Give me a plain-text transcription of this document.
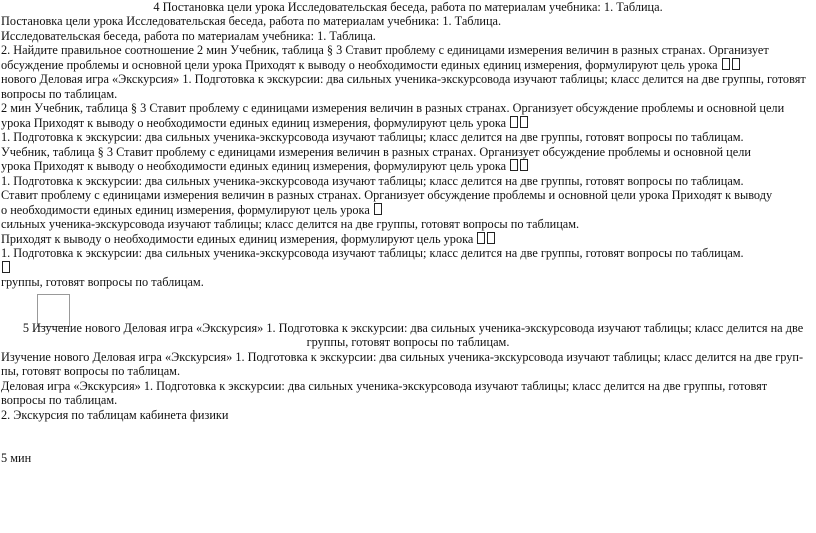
4 Постановка цели урока Исследовательская беседа, работа по материалам учебника: 1. Таблица.
Постановка цели урока Исследовательская беседа, работа по материалам учебника: 1. Таблица.
Исследовательская беседа, работа по материалам учебника: 1. Таблица.
2. Найдите правильное соотношение 2 мин Учебник, таблица § 3 Ставит проблему с единицами измерения величин в разных странах. Организует
обсуждение проблемы и основной цели урока Приходят к выводу о необходимости единых единиц измерения, формулируют цель урока
нового Деловая игра «Экскурсия» 1. Подготовка к экскурсии: два сильных ученика-экскурсовода изучают таблицы; класс делится на две группы, готовят
вопросы по таблицам.
2 мин Учебник, таблица § 3 Ставит проблему с единицами измерения величин в разных странах. Организует обсуждение проблемы и основной цели
урока Приходят к выводу о необходимости единых единиц измерения, формулируют цель урока
1. Подготовка к экскурсии: два сильных ученика-экскурсовода изучают таблицы; класс делится на две группы, готовят вопросы по таблицам.
Учебник, таблица § 3 Ставит проблему с единицами измерения величин в разных странах. Организует обсуждение проблемы и основной цели
урока Приходят к выводу о необходимости единых единиц измерения, формулируют цель урока
1. Подготовка к экскурсии: два сильных ученика-экскурсовода изучают таблицы; класс делится на две группы, готовят вопросы по таблицам.
Ставит проблему с единицами измерения величин в разных странах. Организует обсуждение проблемы и основной цели урока Приходят к выводу
о необходимости единых единиц измерения, формулируют цель урока
сильных ученика-экскурсовода изучают таблицы; класс делится на две группы, готовят вопросы по таблицам.
Приходят к выводу о необходимости единых единиц измерения, формулируют цель урока
1. Подготовка к экскурсии: два сильных ученика-экскурсовода изучают таблицы; класс делится на две группы, готовят вопросы по таблицам.
группы, готовят вопросы по таблицам.
5 Изучение нового Деловая игра «Экскурсия» 1. Подготовка к экскурсии: два сильных ученика-экскурсовода изучают таблицы; класс делится на две
группы, готовят вопросы по таблицам.
Изучение нового Деловая игра «Экскурсия» 1. Подготовка к экскурсии: два сильных ученика-экскурсовода изучают таблицы; класс делится на две груп-
пы, готовят вопросы по таблицам.
Деловая игра «Экскурсия» 1. Подготовка к экскурсии: два сильных ученика-экскурсовода изучают таблицы; класс делится на две группы, готовят
вопросы по таблицам.
2. Экскурсия по таблицам кабинета физики
5 мин
